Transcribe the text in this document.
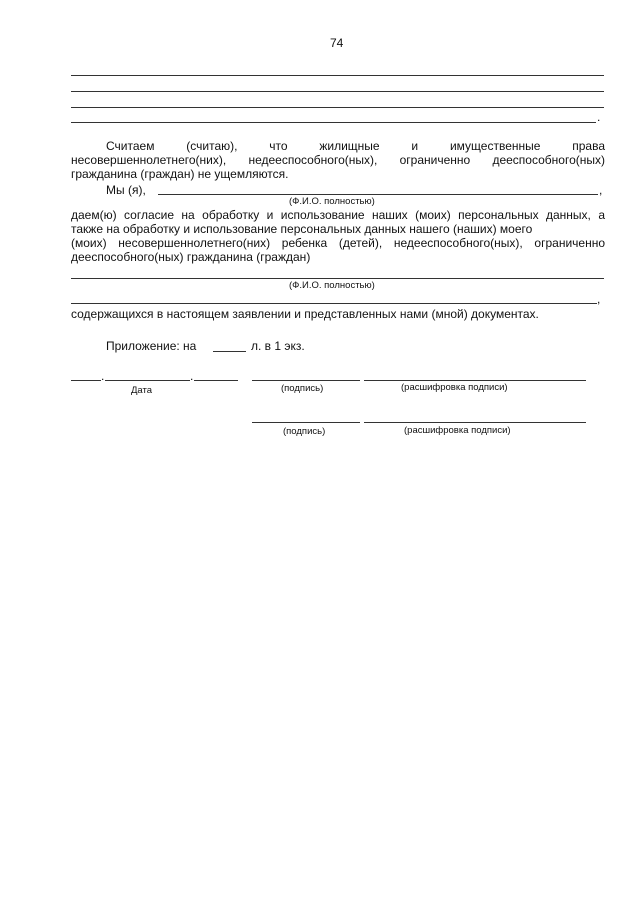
74
.
Считаем (считаю), что жилищные и имущественные права
несовершеннолетнего(них), недееспособного(ных), ограниченно дееспособного(ных)
гражданина (граждан) не ущемляются.
Мы (я),	,
(Ф.И.О. полностью)
даем(ю) согласие на обработку и использование наших (моих) персональных данных, а
также на обработку и использование персональных данных нашего (наших) моего
(моих) несовершеннолетнего(них) ребенка (детей), недееспособного(ных), ограниченно
дееспособного(ных) гражданина (граждан)
(Ф.И.О. полностью)
,
содержащихся в настоящем заявлении и представленных нами (мной) документах.
Приложение: на	л. в 1 экз.
.	.
Дата	(подпись)	(расшифровка подписи)
(подпись)	(расшифровка подписи)
